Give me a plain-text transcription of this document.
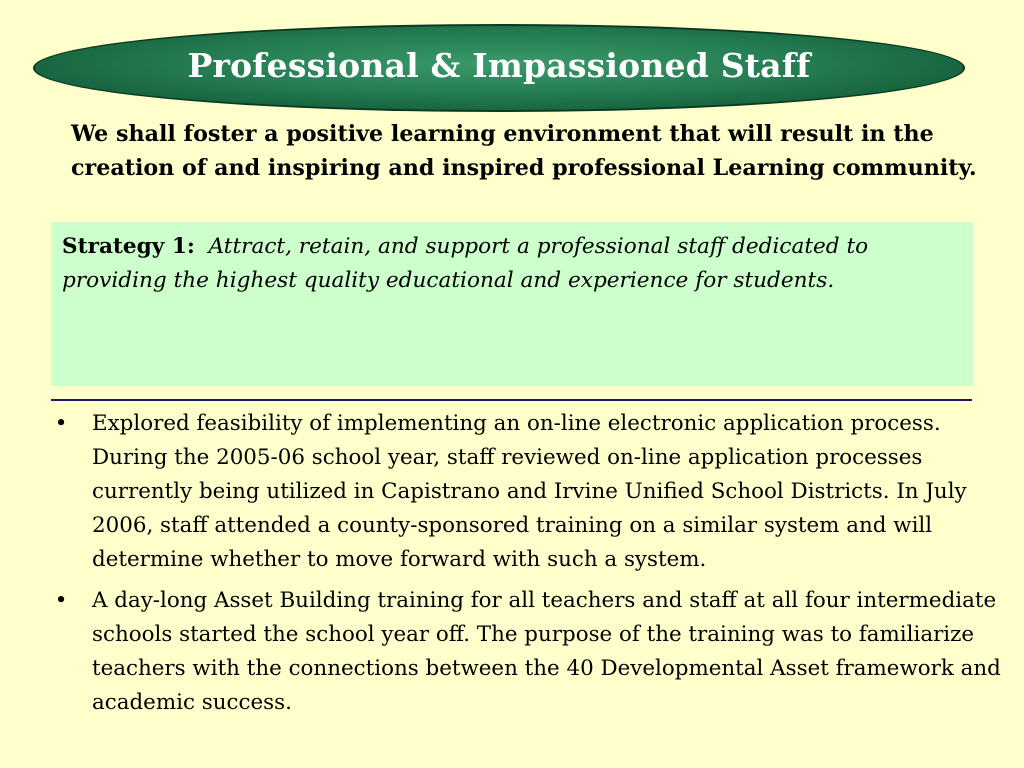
Professional & Impassioned Staff
We shall foster a positive learning environment that will result in the creation of and inspiring and inspired professional Learning community.
Strategy 1: Attract, retain, and support a professional staff dedicated to providing the highest quality educational and experience for students.
• Explored feasibility of implementing an on-line electronic application process. During the 2005-06 school year, staff reviewed on-line application processes currently being utilized in Capistrano and Irvine Unified School Districts. In July 2006, staff attended a county-sponsored training on a similar system and will determine whether to move forward with such a system.
• A day-long Asset Building training for all teachers and staff at all four intermediate schools started the school year off. The purpose of the training was to familiarize teachers with the connections between the 40 Developmental Asset framework and academic success.
